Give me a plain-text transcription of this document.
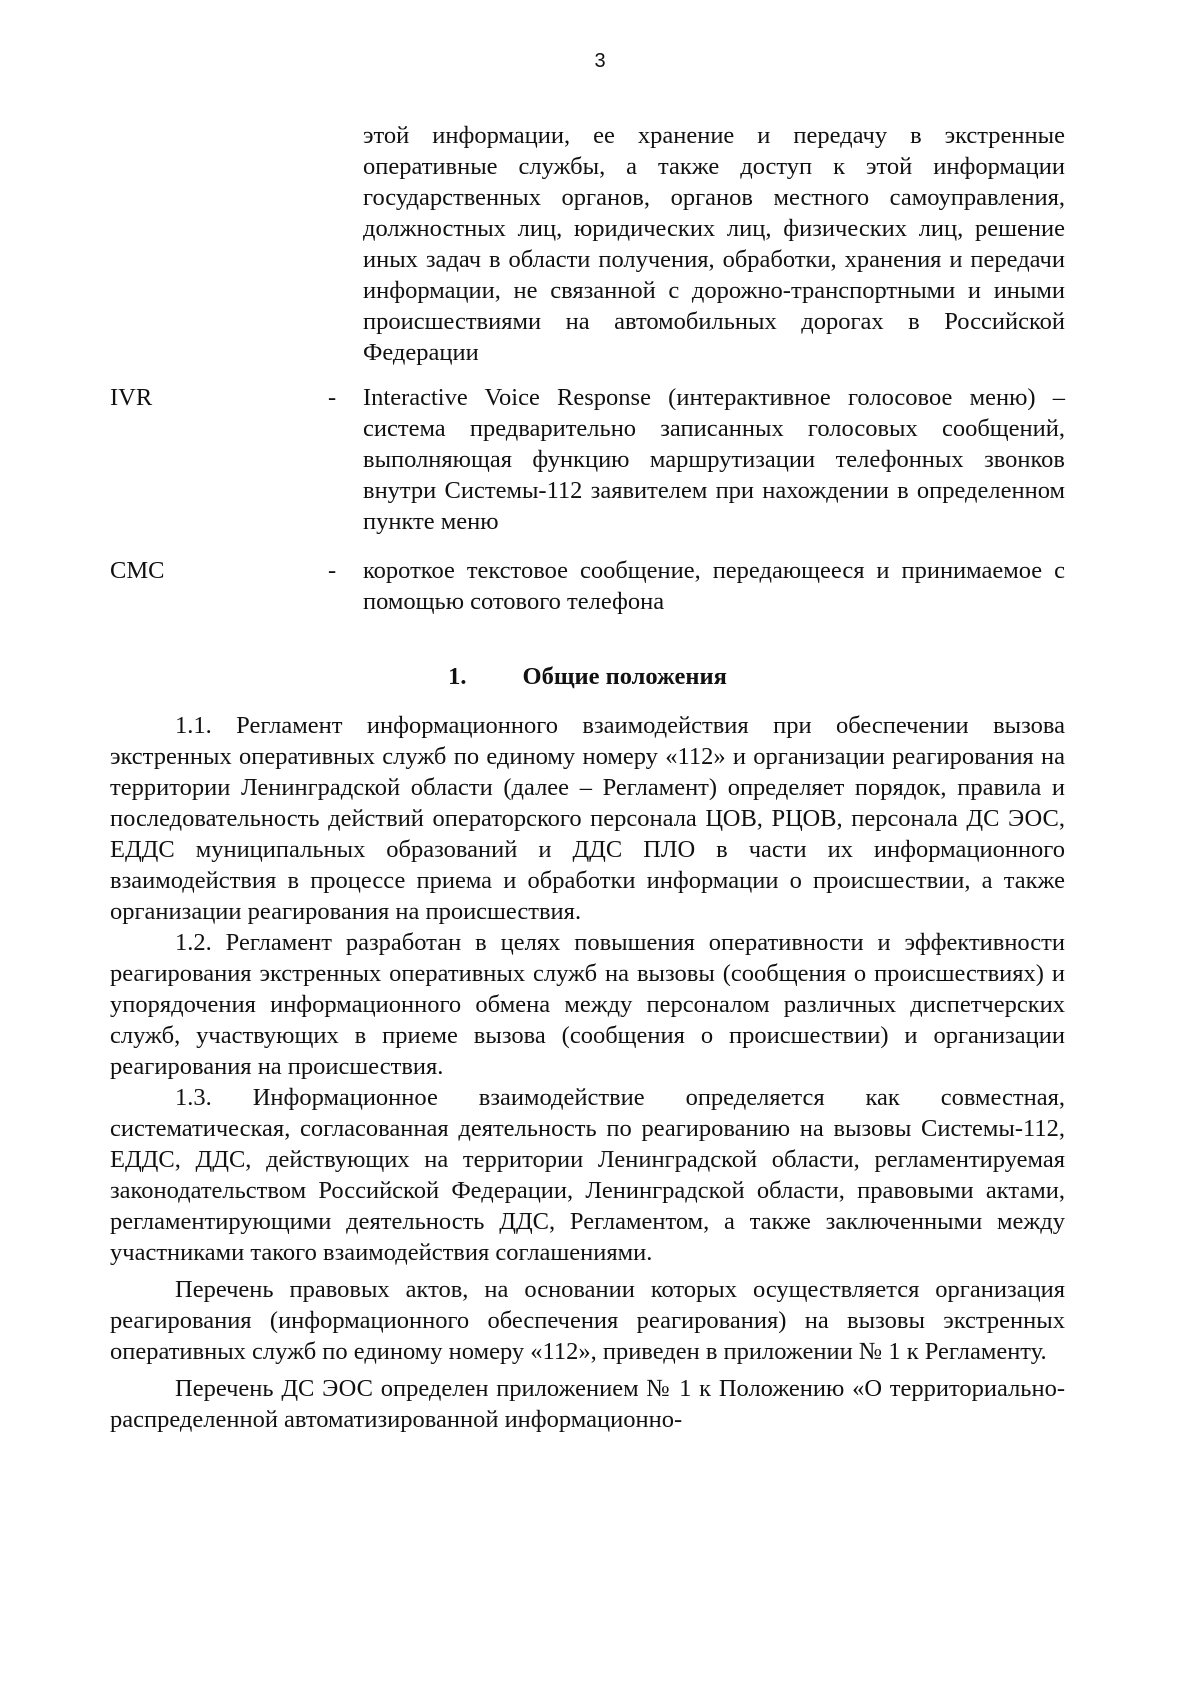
3
этой информации, ее хранение и передачу в экстренные оперативные службы, а также доступ к этой информации государственных органов, органов местного самоуправления, должностных лиц, юридических лиц, физических лиц, решение иных задач в области получения, обработки, хранения и передачи информации, не связанной с дорожно-транспортными и иными происшествиями на автомобильных дорогах в Российской Федерации
IVR	-	Interactive Voice Response (интерактивное голосовое меню) – система предварительно записанных голосовых сообщений, выполняющая функцию маршрутизации телефонных звонков внутри Системы-112 заявителем при нахождении в определенном пункте меню
СМС	-	короткое текстовое сообщение, передающееся и принимаемое с помощью сотового телефона
1. Общие положения

1.1. Регламент информационного взаимодействия при обеспечении вызова экстренных оперативных служб по единому номеру «112» и организации реагирования на территории Ленинградской области (далее – Регламент) определяет порядок, правила и последовательность действий операторского персонала ЦОВ, РЦОВ, персонала ДС ЭОС, ЕДДС муниципальных образований и ДДС ПЛО в части их информационного взаимодействия в процессе приема и обработки информации о происшествии, а также организации реагирования на происшествия.

1.2. Регламент разработан в целях повышения оперативности и эффективности реагирования экстренных оперативных служб на вызовы (сообщения о происшествиях) и упорядочения информационного обмена между персоналом различных диспетчерских служб, участвующих в приеме вызова (сообщения о происшествии) и организации реагирования на происшествия.

1.3. Информационное взаимодействие определяется как совместная, систематическая, согласованная деятельность по реагированию на вызовы Системы-112, ЕДДС, ДДС, действующих на территории Ленинградской области, регламентируемая законодательством Российской Федерации, Ленинградской области, правовыми актами, регламентирующими деятельность ДДС, Регламентом, а также заключенными между участниками такого взаимодействия соглашениями.

Перечень правовых актов, на основании которых осуществляется организация реагирования (информационного обеспечения реагирования) на вызовы экстренных оперативных служб по единому номеру «112», приведен в приложении № 1 к Регламенту.

Перечень ДС ЭОС определен приложением № 1 к Положению «О территориально-распределенной автоматизированной информационно-
